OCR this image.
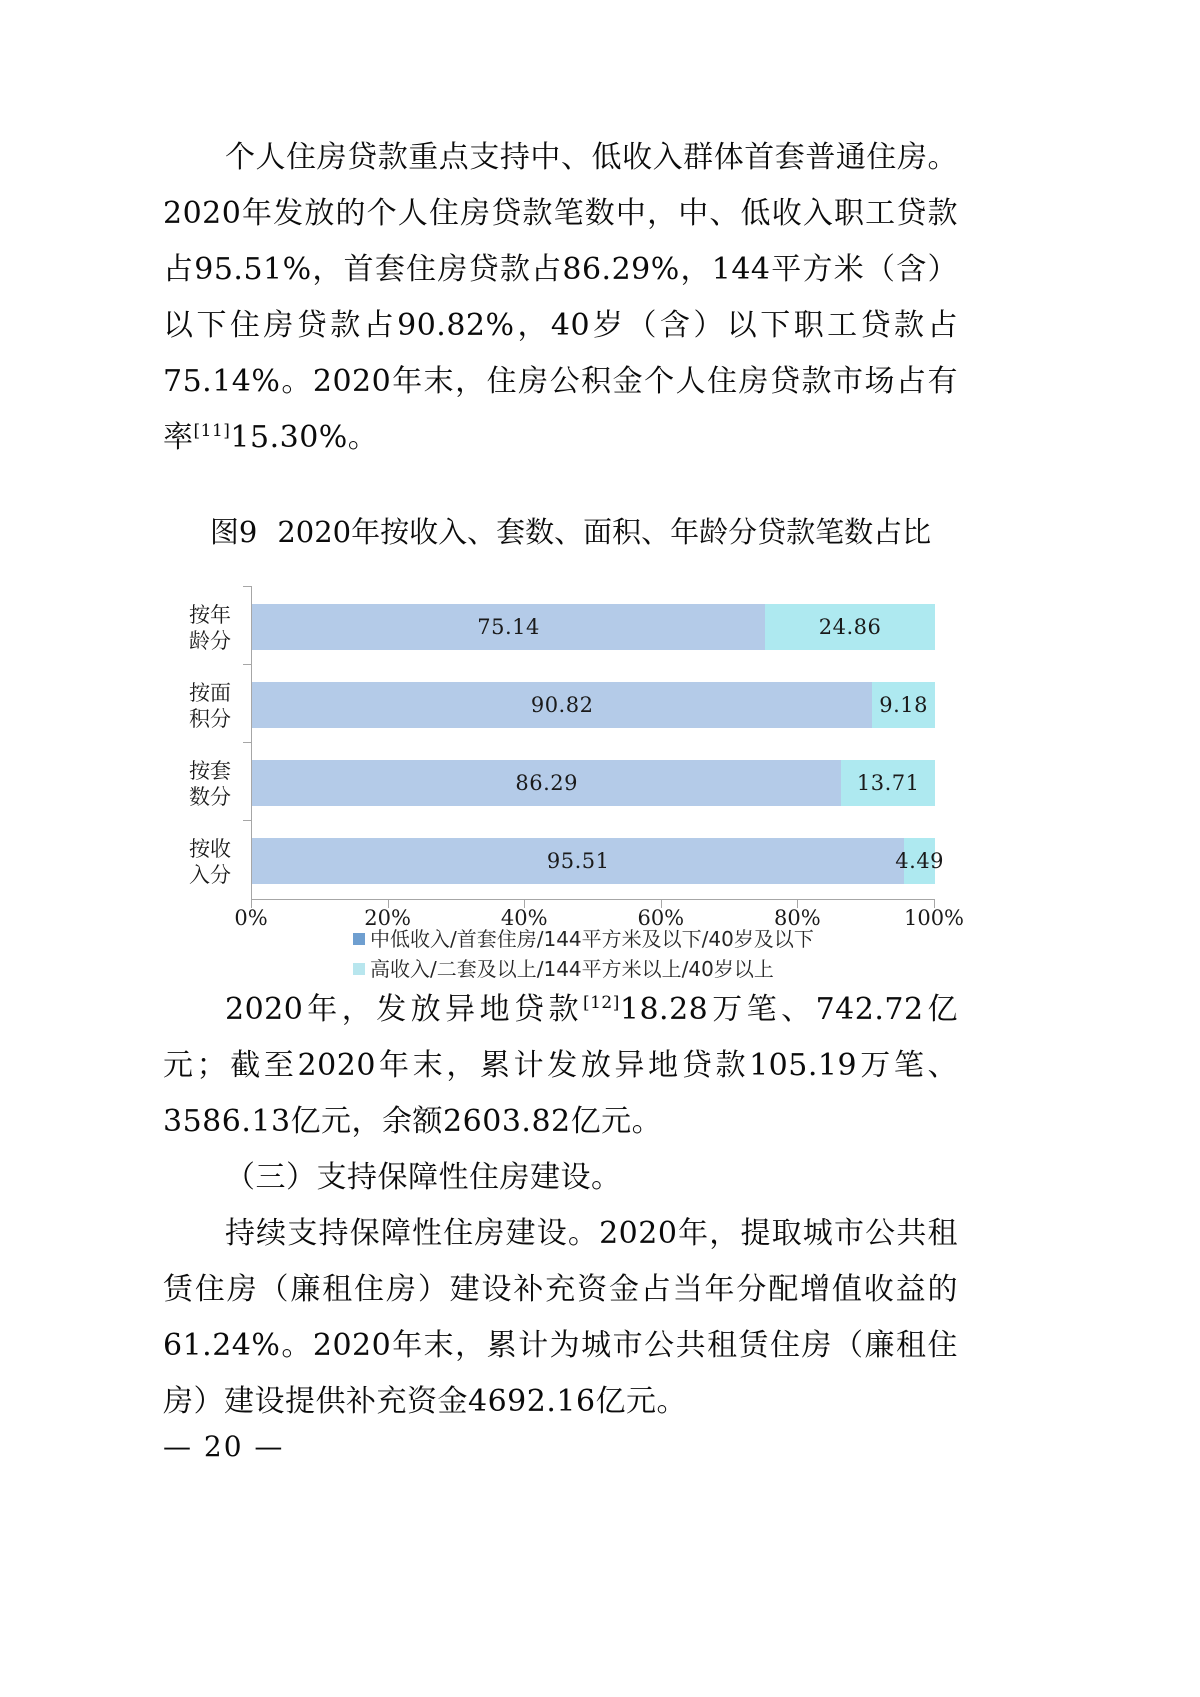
个人住房贷款重点支持中、低收入群体首套普通住房。2020年发放的个人住房贷款笔数中，中、低收入职工贷款占95.51%，首套住房贷款占86.29%，144平方米（含）以下住房贷款占90.82%，40岁（含）以下职工贷款占75.14%。2020年末，住房公积金个人住房贷款市场占有率[11]15.30%。

图9 2020年按收入、套数、面积、年龄分贷款笔数占比
按年
龄分
75.14	24.86
按面
积分
90.82	9.18
按套
数分
86.29	13.71
按收
入分
95.51	4.49
0%	20%	40%	60%	80%	100%
中低收入/首套住房/144平方米及以下/40岁及以下
高收入/二套及以上/144平方米以上/40岁以上

2020年，发放异地贷款[12]18.28万笔、742.72亿元；截至2020年末，累计发放异地贷款105.19万笔、3586.13亿元，余额2603.82亿元。

（三）支持保障性住房建设。

持续支持保障性住房建设。2020年，提取城市公共租赁住房（廉租住房）建设补充资金占当年分配增值收益的61.24%。2020年末，累计为城市公共租赁住房（廉租住房）建设提供补充资金4692.16亿元。

— 20 —
